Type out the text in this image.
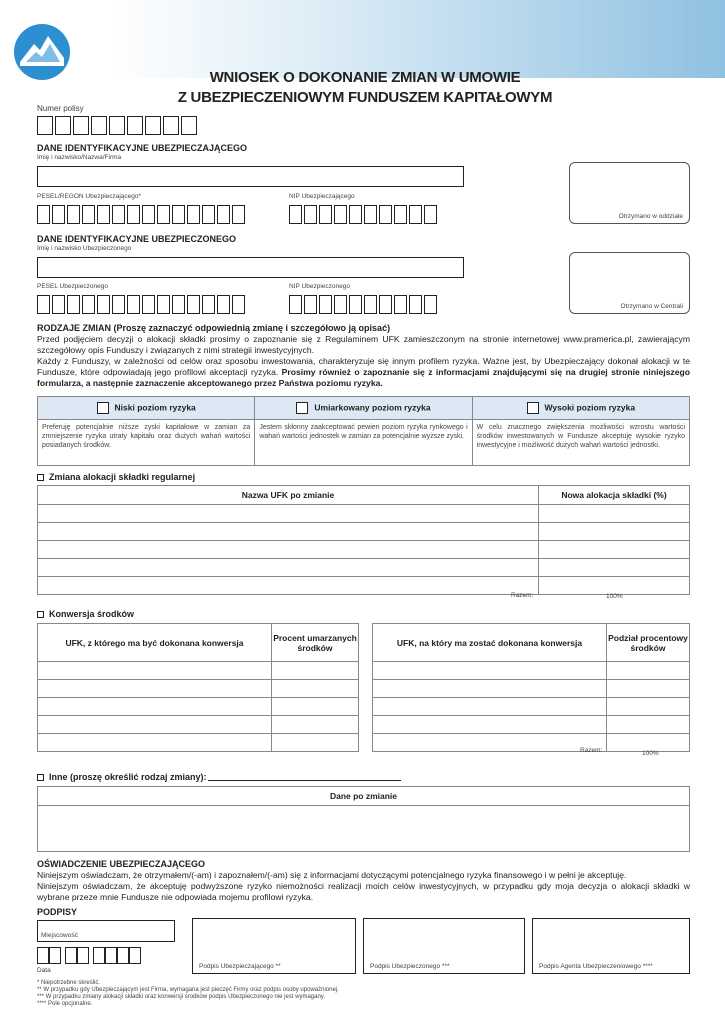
WNIOSEK O DOKONANIE ZMIAN W UMOWIE
Z UBEZPIECZENIOWYM FUNDUSZEM KAPITAŁOWYM
Numer polisy
DANE IDENTYFIKACYJNE UBEZPIECZAJĄCEGO
Imię i nazwisko/Nazwa/Firma
PESEL/REGON Ubezpieczającego*	NIP Ubezpieczającego
Otrzymano w oddziale
DANE IDENTYFIKACYJNE UBEZPIECZONEGO
Imię i nazwisko Ubezpieczonego
PESEL Ubezpieczonego	NIP Ubezpieczonego
Otrzymano w Centrali
RODZAJE ZMIAN (Proszę zaznaczyć odpowiednią zmianę i szczegółowo ją opisać)
Przed podjęciem decyzji o alokacji składki prosimy o zapoznanie się z Regulaminem UFK zamieszczonym na stronie internetowej www.pramerica.pl, zawierającym szczegółowy opis Funduszy i związanych z nimi strategii inwestycyjnych.
Każdy z Funduszy, w zależności od celów oraz sposobu inwestowania, charakteryzuje się innym profilem ryzyka. Ważne jest, by Ubezpieczający dokonał alokacji w te Fundusze, które odpowiadają jego profilowi akceptacji ryzyka. Prosimy również o zapoznanie się z informacjami znajdującymi się na drugiej stronie niniejszego formularza, a następnie zaznaczenie akceptowanego przez Państwa poziomu ryzyka.
Niski poziom ryzyka	Umiarkowany poziom ryzyka	Wysoki poziom ryzyka
Preferuję potencjalnie niższe zyski kapitałowe w zamian za zmniejszenie ryzyka utraty kapitału oraz dużych wahań wartości posiadanych środków.	Jestem skłonny zaakceptować pewien poziom ryzyka rynkowego i wahań wartości jednostek w zamian za potencjalnie wyższe zyski.	W celu znacznego zwiększenia możliwości wzrostu wartości środków inwestowanych w Fundusze akceptuję wysokie ryzyko inwestycyjne i możliwość dużych wahań wartości jednostki.
Zmiana alokacji składki regularnej
Nazwa UFK po zmianie	Nowa alokacja składki (%)

Razem:	100%
Konwersja środków
UFK, z którego ma być dokonana konwersja	Procent umarzanych środków

		UFK, na który ma zostać dokonana konwersja	Podział procentowy środków

Razem:	100%
Inne (proszę określić rodzaj zmiany):
Dane po zmianie
OŚWIADCZENIE UBEZPIECZAJĄCEGO
Niniejszym oświadczam, że otrzymałem/(-am) i zapoznałem/(-am) się z informacjami dotyczącymi potencjalnego ryzyka finansowego i w pełni je akceptuję.
Niniejszym oświadczam, że akceptuję podwyższone ryzyko niemożności realizacji moich celów inwestycyjnych, w przypadku gdy moja decyzja o alokacji składki w wybrane przeze mnie Fundusze nie odpowiada mojemu profilowi ryzyka.
PODPISY
Miejscowość
Data
Podpis Ubezpieczającego **	Podpis Ubezpieczonego ***	Podpis Agenta Ubezpieczeniowego ****
* Niepotrzebne skreślić.
** W przypadku gdy Ubezpieczającym jest Firma, wymagana jest pieczęć Firmy oraz podpis osoby upoważnionej.
*** W przypadku zmiany alokacji składki oraz konwersji środków podpis Ubezpieczonego nie jest wymagany.
**** Pole opcjonalne.
